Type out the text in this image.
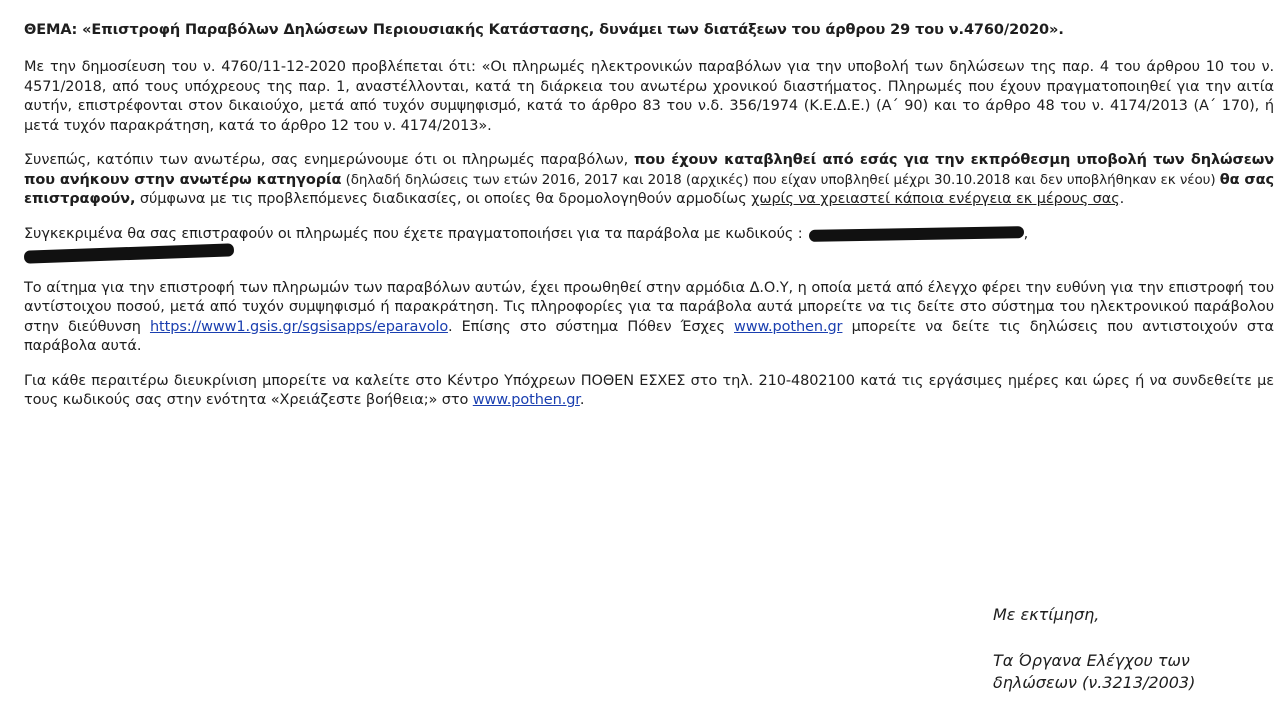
ΘΕΜΑ: «Επιστροφή Παραβόλων Δηλώσεων Περιουσιακής Κατάστασης, δυνάμει των διατάξεων του άρθρου 29 του ν.4760/2020».
Με την δημοσίευση του ν. 4760/11-12-2020 προβλέπεται ότι: «Οι πληρωμές ηλεκτρονικών παραβόλων για την υποβολή των δηλώσεων της παρ. 4 του άρθρου 10 του ν. 4571/2018, από τους υπόχρεους της παρ. 1, αναστέλλονται, κατά τη διάρκεια του ανωτέρω χρονικού διαστήματος. Πληρωμές που έχουν πραγματοποιηθεί για την αιτία αυτήν, επιστρέφονται στον δικαιούχο, μετά από τυχόν συμψηφισμό, κατά το άρθρο 83 του ν.δ. 356/1974 (Κ.Ε.Δ.Ε.) (Α΄ 90) και το άρθρο 48 του ν. 4174/2013 (Α΄ 170), ή μετά τυχόν παρακράτηση, κατά το άρθρο 12 του ν. 4174/2013».
Συνεπώς, κατόπιν των ανωτέρω, σας ενημερώνουμε ότι οι πληρωμές παραβόλων, που έχουν καταβληθεί από εσάς για την εκπρόθεσμη υποβολή των δηλώσεων που ανήκουν στην ανωτέρω κατηγορία (δηλαδή δηλώσεις των ετών 2016, 2017 και 2018 (αρχικές) που είχαν υποβληθεί μέχρι 30.10.2018 και δεν υποβλήθηκαν εκ νέου) θα σας επιστραφούν, σύμφωνα με τις προβλεπόμενες διαδικασίες, οι οποίες θα δρομολογηθούν αρμοδίως χωρίς να χρειαστεί κάποια ενέργεια εκ μέρους σας.
Συγκεκριμένα θα σας επιστραφούν οι πληρωμές που έχετε πραγματοποιήσει για τα παράβολα με κωδικούς :	,

Το αίτημα για την επιστροφή των πληρωμών των παραβόλων αυτών, έχει προωθηθεί στην αρμόδια Δ.Ο.Υ, η οποία μετά από έλεγχο φέρει την ευθύνη για την επιστροφή του αντίστοιχου ποσού, μετά από τυχόν συμψηφισμό ή παρακράτηση. Τις πληροφορίες για τα παράβολα αυτά μπορείτε να τις δείτε στο σύστημα του ηλεκτρονικού παράβολου στην διεύθυνση https://www1.gsis.gr/sgsisapps/eparavolo. Επίσης στο σύστημα Πόθεν Έσχες www.pothen.gr μπορείτε να δείτε τις δηλώσεις που αντιστοιχούν στα παράβολα αυτά.
Για κάθε περαιτέρω διευκρίνιση μπορείτε να καλείτε στο Κέντρο Υπόχρεων ΠΟΘΕΝ ΕΣΧΕΣ στο τηλ. 210-4802100 κατά τις εργάσιμες ημέρες και ώρες ή να συνδεθείτε με τους κωδικούς σας στην ενότητα «Χρειάζεστε βοήθεια;» στο www.pothen.gr.
Με εκτίμηση,
Τα Όργανα Ελέγχου των
δηλώσεων (ν.3213/2003)
